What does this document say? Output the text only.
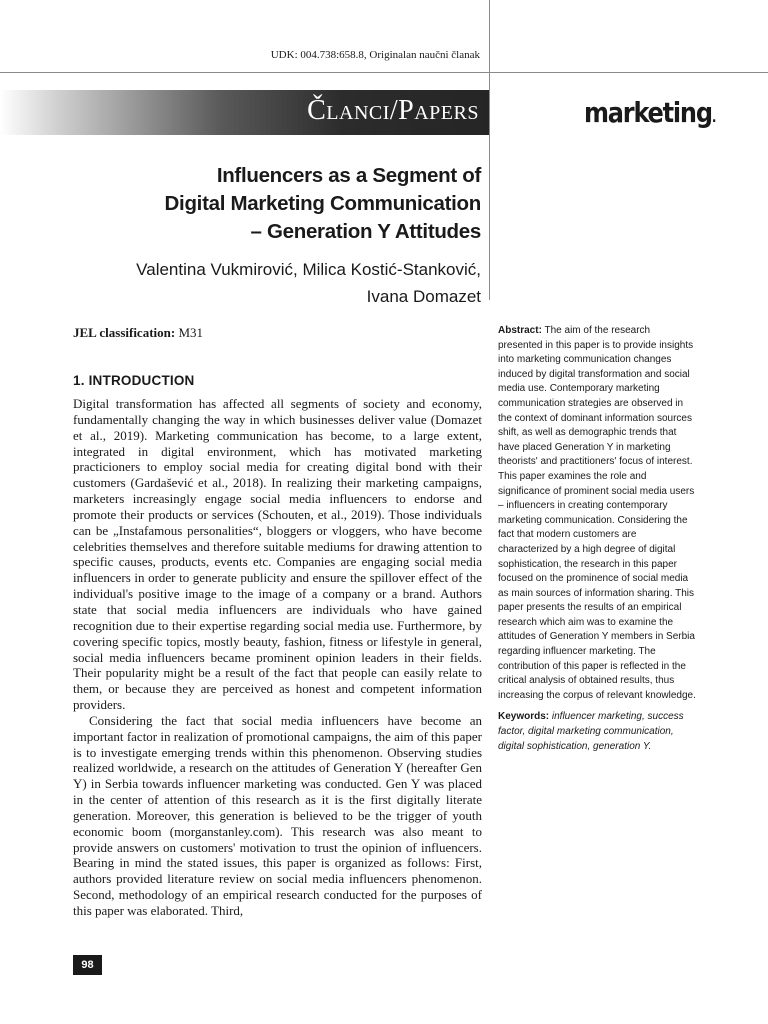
UDK: 004.738:658.8, Originalan naučni članak
Članci/Papers	marketing.
Influencers as a Segment of
Digital Marketing Communication
– Generation Y Attitudes
Valentina Vukmirović, Milica Kostić-Stanković,
Ivana Domazet
JEL classification: M31
1. INTRODUCTION

Digital transformation has affected all segments of society and economy, fundamentally changing the way in which businesses deliver value (Domazet et al., 2019). Marketing communication has become, to a large extent, integrated in digital environment, which has motivated marketing practicioners to employ social media for creating digital bond with their customers (Gardašević et al., 2018). In realizing their marketing campaigns, marketers increasingly engage social media influencers to endorse and promote their products or services (Schouten, et al., 2019). Those individuals can be „Instafamous personalities“, bloggers or vloggers, who have become celebrities themselves and therefore suitable mediums for drawing attention to specific causes, products, events etc. Companies are engaging social media influencers in order to generate publicity and ensure the spillover effect of the individual's positive image to the image of a company or a brand. Authors state that social media influencers are individuals who have gained recognition due to their expertise regarding social media use. Furthermore, by covering specific topics, mostly beauty, fashion, fitness or lifestyle in general, social media influencers became prominent opinion leaders in their fields. Their popularity might be a result of the fact that people can easily relate to them, or because they are perceived as honest and competent information providers.

Considering the fact that social media influencers have become an important factor in realization of promotional campaigns, the aim of this paper is to investigate emerging trends within this phenomenon. Observing studies realized worldwide, a research on the attitudes of Generation Y (hereafter Gen Y) in Serbia towards influencer marketing was conducted. Gen Y was placed in the center of attention of this research as it is the first digitally literate generation. Moreover, this generation is believed to be the trigger of youth economic boom (morganstanley.com). This research was also meant to provide answers on customers' motivation to trust the opinion of influencers. Bearing in mind the stated issues, this paper is organized as follows: First, authors provided literature review on social media influencers phenomenon. Second, methodology of an empirical research conducted for the purposes of this paper was elaborated. Third,

Abstract: The aim of the research presented in this paper is to provide insights into marketing communication changes induced by digital transformation and social media use. Contemporary marketing communication strategies are observed in the context of dominant information sources shift, as well as demographic trends that have placed Generation Y in marketing theorists' and practitioners' focus of interest. This paper examines the role and significance of prominent social media users – influencers in creating contemporary marketing communication. Considering the fact that modern customers are characterized by a high degree of digital sophistication, the research in this paper focused on the prominence of social media as main sources of information sharing. This paper presents the results of an empirical research which aim was to examine the attitudes of Generation Y members in Serbia regarding influencer marketing. The contribution of this paper is reflected in the critical analysis of obtained results, thus increasing the corpus of relevant knowledge.

Keywords: influencer marketing, success factor, digital marketing communication, digital sophistication, generation Y.

98
